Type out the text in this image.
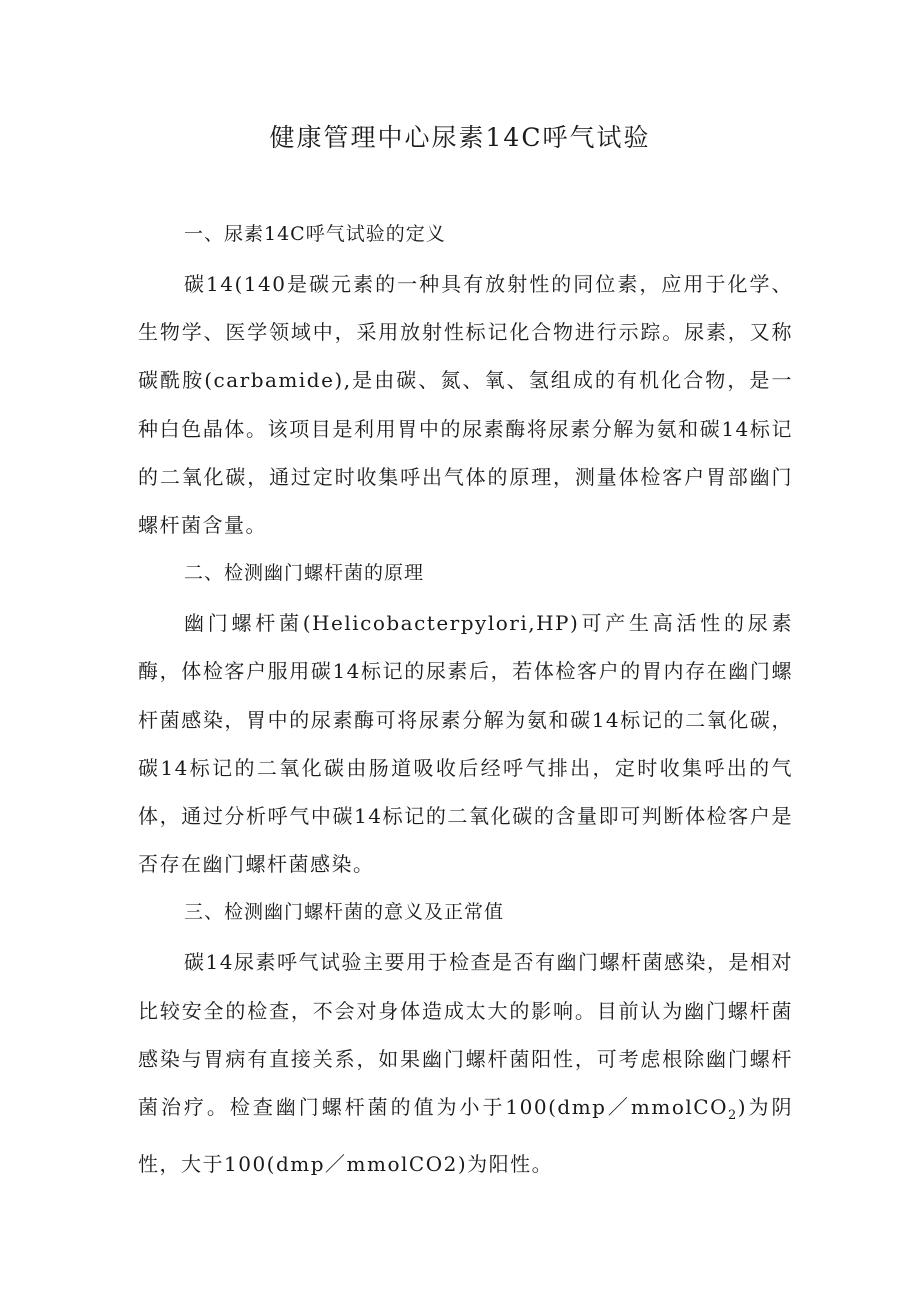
健康管理中心尿素14C呼气试验
一、尿素14C呼气试验的定义

碳14(140是碳元素的一种具有放射性的同位素，应用于化学、生物学、医学领域中，采用放射性标记化合物进行示踪。尿素，又称碳酰胺(carbamide),是由碳、氮、氧、氢组成的有机化合物，是一种白色晶体。该项目是利用胃中的尿素酶将尿素分解为氨和碳14标记的二氧化碳，通过定时收集呼出气体的原理，测量体检客户胃部幽门螺杆菌含量。

二、检测幽门螺杆菌的原理

幽门螺杆菌(Helicobacterpylori,HP)可产生高活性的尿素酶，体检客户服用碳14标记的尿素后，若体检客户的胃内存在幽门螺杆菌感染，胃中的尿素酶可将尿素分解为氨和碳14标记的二氧化碳，碳14标记的二氧化碳由肠道吸收后经呼气排出，定时收集呼出的气体，通过分析呼气中碳14标记的二氧化碳的含量即可判断体检客户是否存在幽门螺杆菌感染。

三、检测幽门螺杆菌的意义及正常值

碳14尿素呼气试验主要用于检查是否有幽门螺杆菌感染，是相对比较安全的检查，不会对身体造成太大的影响。目前认为幽门螺杆菌感染与胃病有直接关系，如果幽门螺杆菌阳性，可考虑根除幽门螺杆菌治疗。检查幽门螺杆菌的值为小于100(dmp／mmolCO$_2$)为阴性，大于100(dmp／mmolCO2)为阳性。
